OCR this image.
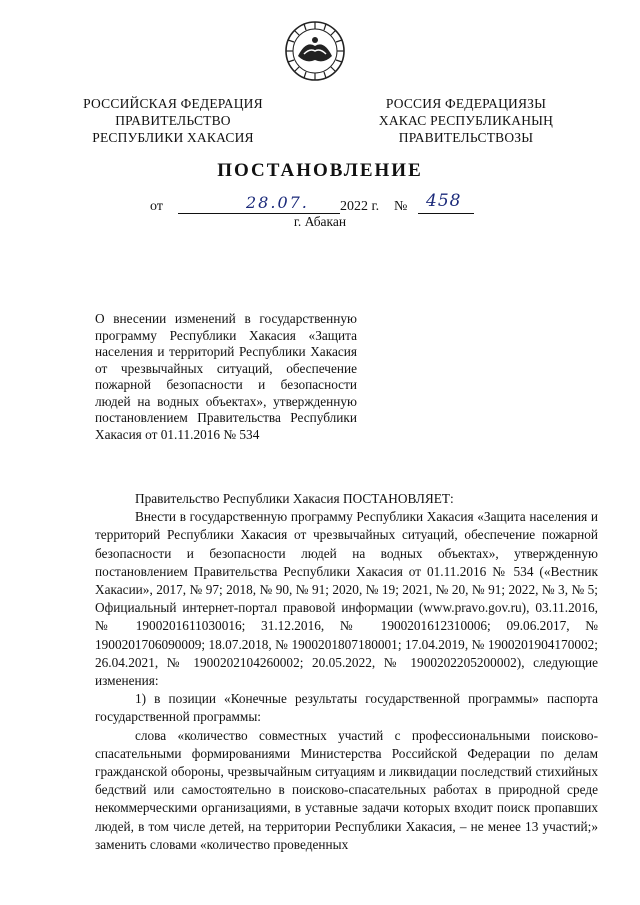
РОССИЙСКАЯ ФЕДЕРАЦИЯ
ПРАВИТЕЛЬСТВО
РЕСПУБЛИКИ ХАКАСИЯ
РОССИЯ ФЕДЕРАЦИЯЗЫ
ХАКАС РЕСПУБЛИКАНЫҢ
ПРАВИТЕЛЬСТВОЗЫ
ПОСТАНОВЛЕНИЕ
от	28.07. 2022 г. № 458
г. Абакан
О внесении изменений в государственную программу Республики Хакасия «Защита населения и территорий Республики Хакасия от чрезвычайных ситуаций, обеспечение пожарной безопасности и безопасности людей на водных объектах», утвержденную постановлением Правительства Республики Хакасия от 01.11.2016 № 534

Правительство Республики Хакасия ПОСТАНОВЛЯЕТ:

Внести в государственную программу Республики Хакасия «Защита населения и территорий Республики Хакасия от чрезвычайных ситуаций, обеспечение пожарной безопасности и безопасности людей на водных объектах», утвержденную постановлением Правительства Республики Хакасия от 01.11.2016 № 534 («Вестник Хакасии», 2017, № 97; 2018, № 90, № 91; 2020, № 19; 2021, № 20, № 91; 2022, № 3, № 5; Официальный интернет-портал правовой информации (www.pravo.gov.ru), 03.11.2016, № 1900201611030016; 31.12.2016, № 1900201612310006; 09.06.2017, № 1900201706090009; 18.07.2018, № 1900201807180001; 17.04.2019, № 1900201904170002; 26.04.2021, № 1900202104260002; 20.05.2022, № 1900202205200002), следующие изменения:

1) в позиции «Конечные результаты государственной программы» паспорта государственной программы:

слова «количество совместных участий с профессиональными поисково-спасательными формированиями Министерства Российской Федерации по делам гражданской обороны, чрезвычайным ситуациям и ликвидации последствий стихийных бедствий или самостоятельно в поисково-спасательных работах в природной среде некоммерческими организациями, в уставные задачи которых входит поиск пропавших людей, в том числе детей, на территории Республики Хакасия, – не менее 13 участий;» заменить словами «количество проведенных
